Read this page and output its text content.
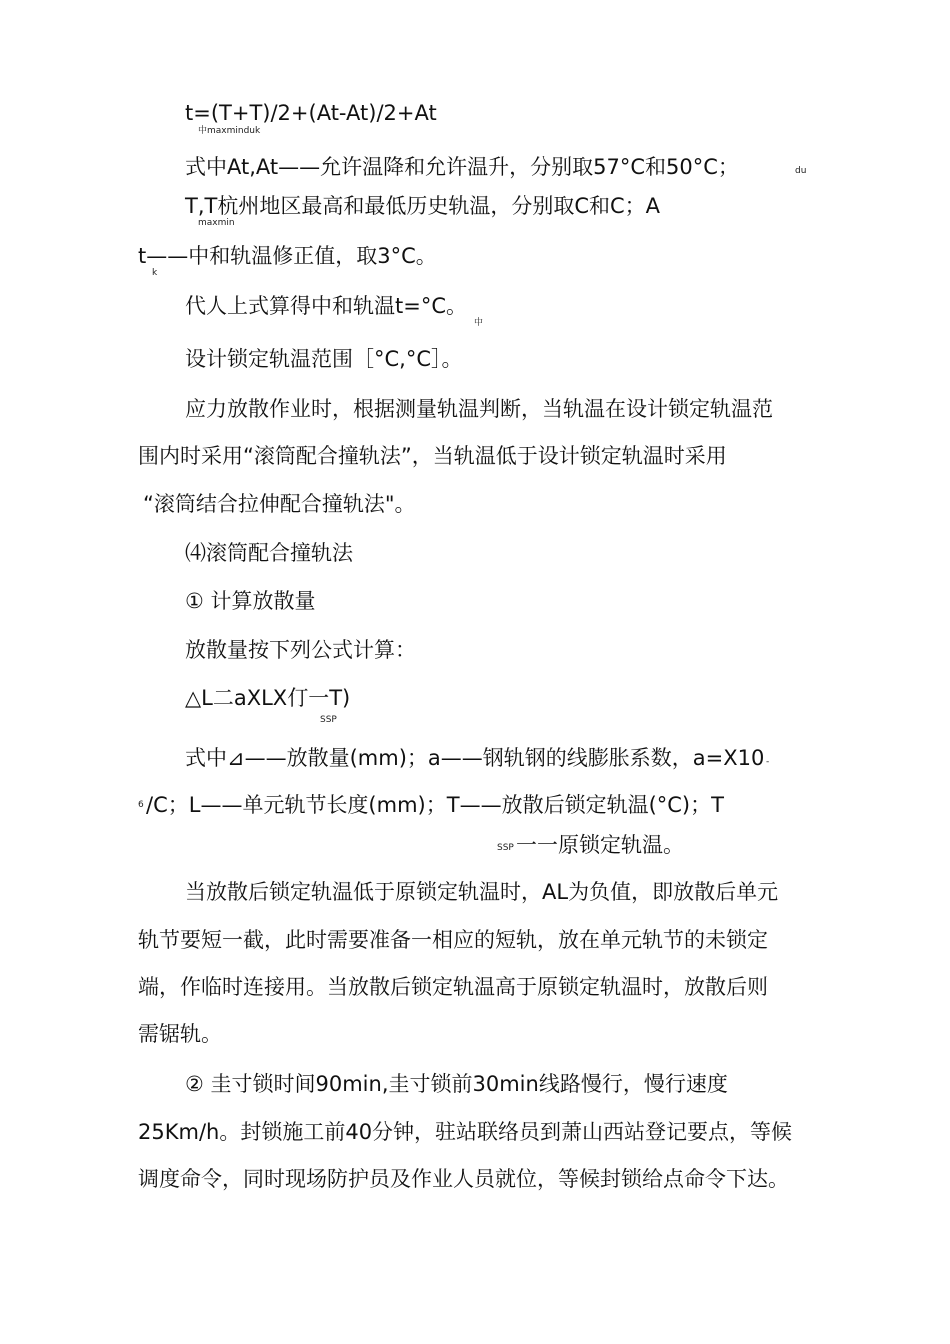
t=(T+T)/2+(At-At)/2+At
中maxminduk
式中At,At——允许温降和允许温升，分别取57°C和50°C；	du
T,T杭州地区最高和最低历史轨温，分别取C和C；A
maxmin
t——中和轨温修正值，取3°C。
k
代人上式算得中和轨温t=°C。
中
设计锁定轨温范围［°C,°C］。
应力放散作业时，根据测量轨温判断，当轨温在设计锁定轨温范
围内时采用“滚筒配合撞轨法”，当轨温低于设计锁定轨温时采用
“滚筒结合拉伸配合撞轨法"。
⑷滚筒配合撞轨法
① 计算放散量
放散量按下列公式计算：
△L二aXLX仃一T)
SSP
式中⊿——放散量(mm)；a——钢轨钢的线膨胀系数，a=X10 -
6 /C；L——单元轨节长度(mm)；T——放散后锁定轨温(°C)；T
SSP 一一原锁定轨温。
当放散后锁定轨温低于原锁定轨温时，AL为负值，即放散后单元
轨节要短一截，此时需要准备一相应的短轨，放在单元轨节的未锁定
端，作临时连接用。当放散后锁定轨温高于原锁定轨温时，放散后则
需锯轨。
② 圭寸锁时间90min,圭寸锁前30min线路慢行，慢行速度
25Km/h。封锁施工前40分钟，驻站联络员到萧山西站登记要点，等候
调度命令，同时现场防护员及作业人员就位，等候封锁给点命令下达。
